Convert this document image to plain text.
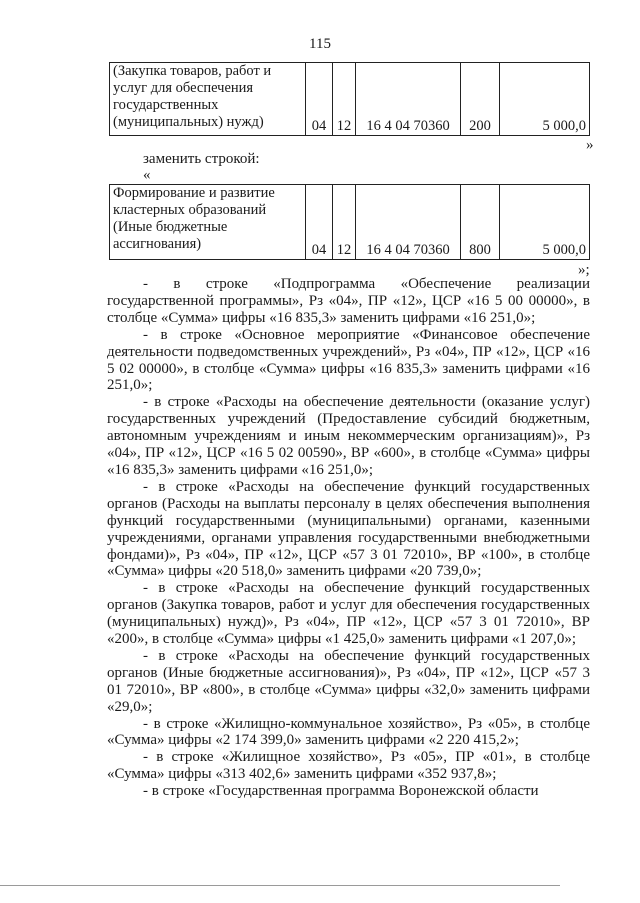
115
(Закупка товаров, работ и услуг для обеспечения государственных (муниципальных) нужд)	04	12	16 4 04 70360	200	5 000,0
»
заменить строкой:
«
Формирование и развитие кластерных образований (Иные бюджетные ассигнования)	04	12	16 4 04 70360	800	5 000,0
»;

- в строке «Подпрограмма «Обеспечение реализации государственной программы», Рз «04», ПР «12», ЦСР «16 5 00 00000», в столбце «Сумма» цифры «16 835,3» заменить цифрами «16 251,0»;

- в строке «Основное мероприятие «Финансовое обеспечение деятельности подведомственных учреждений», Рз «04», ПР «12», ЦСР «16 5 02 00000», в столбце «Сумма» цифры «16 835,3» заменить цифрами «16 251,0»;

- в строке «Расходы на обеспечение деятельности (оказание услуг) государственных учреждений (Предоставление субсидий бюджетным, автономным учреждениям и иным некоммерческим организациям)», Рз «04», ПР «12», ЦСР «16 5 02 00590», ВР «600», в столбце «Сумма» цифры «16 835,3» заменить цифрами «16 251,0»;

- в строке «Расходы на обеспечение функций государственных органов (Расходы на выплаты персоналу в целях обеспечения выполнения функций государственными (муниципальными) органами, казенными учреждениями, органами управления государственными внебюджетными фондами)», Рз «04», ПР «12», ЦСР «57 3 01 72010», ВР «100», в столбце «Сумма» цифры «20 518,0» заменить цифрами «20 739,0»;

- в строке «Расходы на обеспечение функций государственных органов (Закупка товаров, работ и услуг для обеспечения государственных (муниципальных) нужд)», Рз «04», ПР «12», ЦСР «57 3 01 72010», ВР «200», в столбце «Сумма» цифры «1 425,0» заменить цифрами «1 207,0»;

- в строке «Расходы на обеспечение функций государственных органов (Иные бюджетные ассигнования)», Рз «04», ПР «12», ЦСР «57 3 01 72010», ВР «800», в столбце «Сумма» цифры «32,0» заменить цифрами «29,0»;

- в строке «Жилищно-коммунальное хозяйство», Рз «05», в столбце «Сумма» цифры «2 174 399,0» заменить цифрами «2 220 415,2»;

- в строке «Жилищное хозяйство», Рз «05», ПР «01», в столбце «Сумма» цифры «313 402,6» заменить цифрами «352 937,8»;

- в строке «Государственная программа Воронежской области
